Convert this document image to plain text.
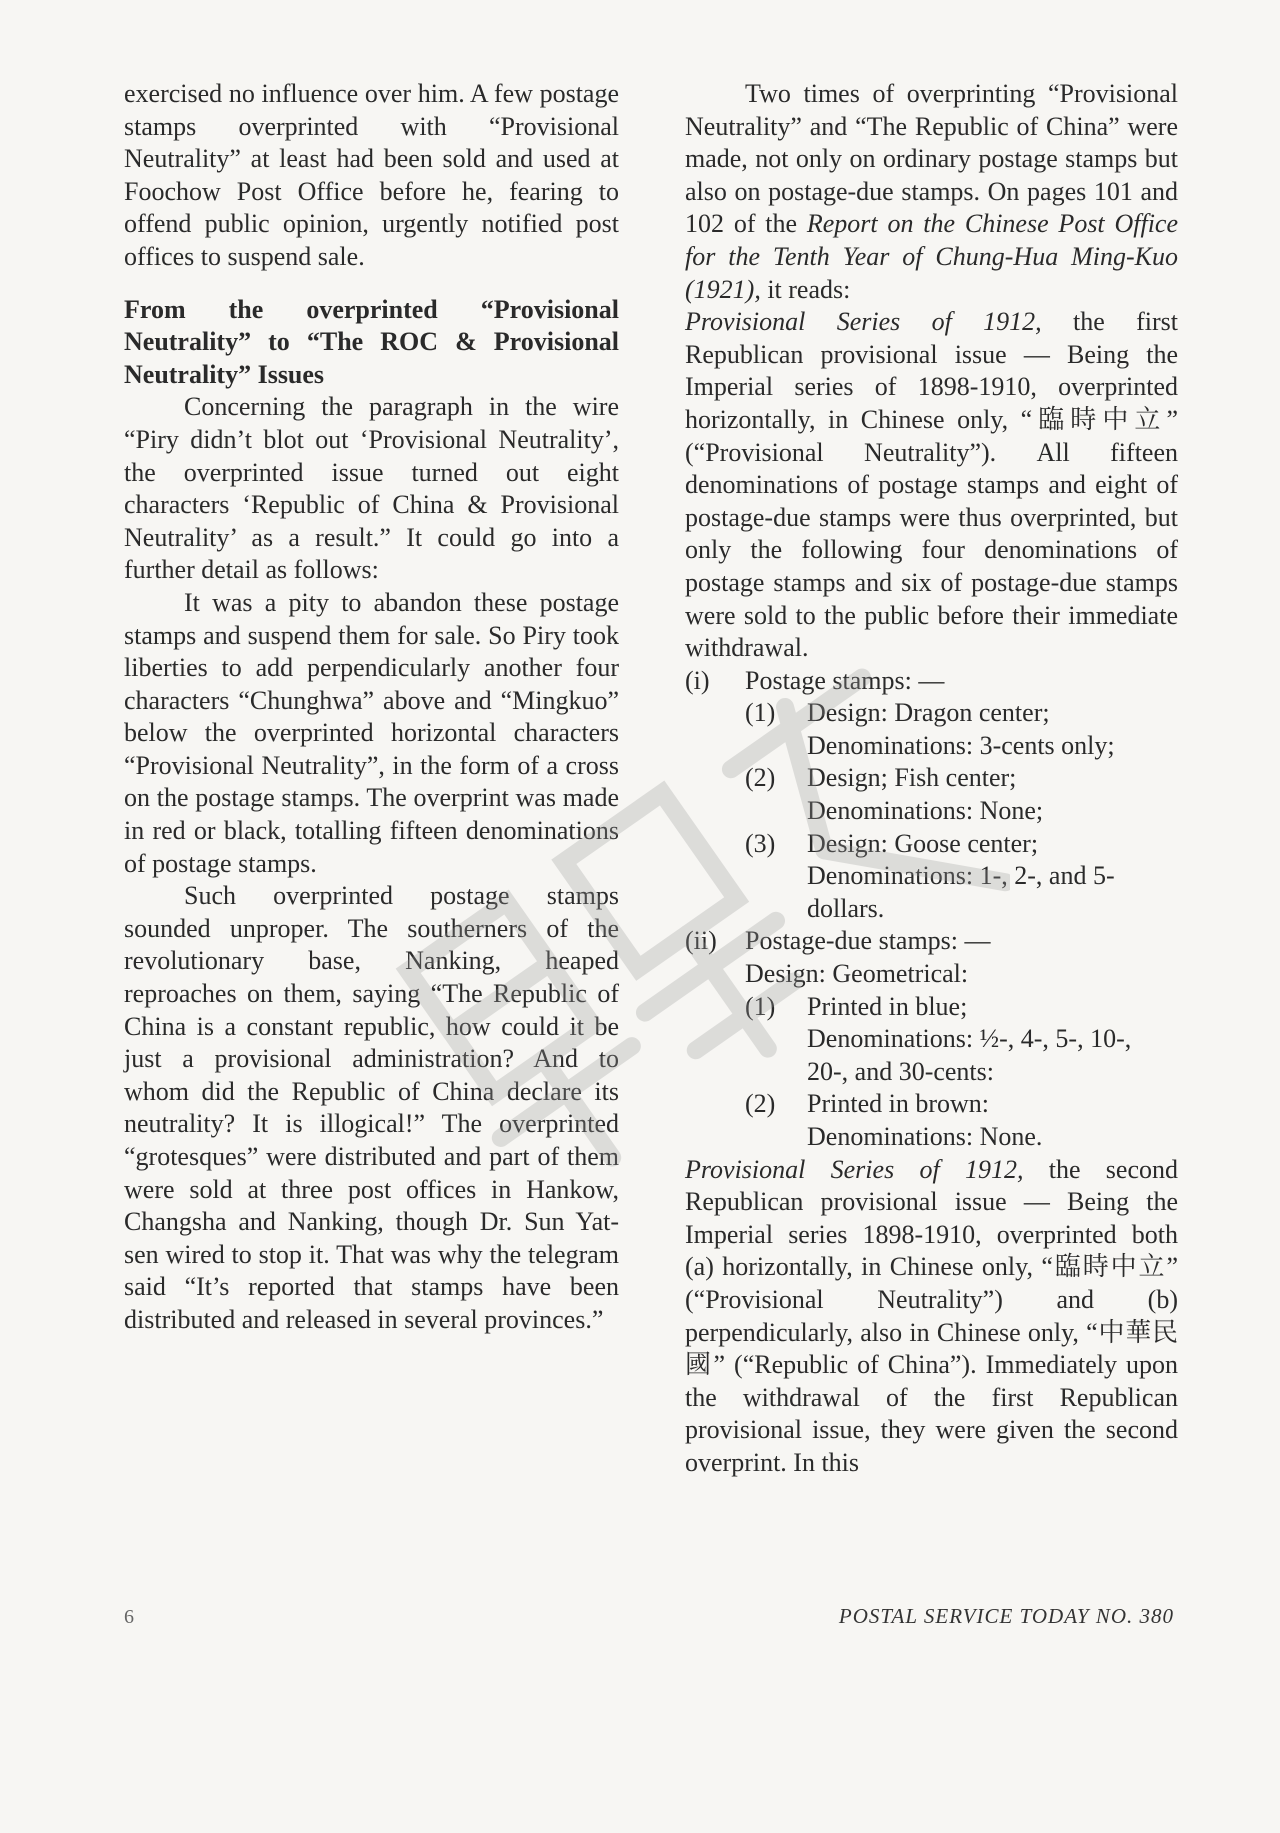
exercised no influence over him. A few postage stamps overprinted with “Provisional Neutrality” at least had been sold and used at Foochow Post Office before he, fearing to offend public opinion, urgently notified post offices to suspend sale.

From the overprinted “Provisional Neutrality” to “The ROC & Provisional Neutrality” Issues

Concerning the paragraph in the wire “Piry didn’t blot out ‘Provisional Neutrality’, the overprinted issue turned out eight characters ‘Republic of China & Provisional Neutrality’ as a result.” It could go into a further detail as follows:

It was a pity to abandon these postage stamps and suspend them for sale. So Piry took liberties to add perpendicularly another four characters “Chunghwa” above and “Mingkuo” below the overprinted horizontal characters “Provisional Neutrality”, in the form of a cross on the postage stamps. The overprint was made in red or black, totalling fifteen denominations of postage stamps.

Such overprinted postage stamps sounded unproper. The southerners of the revolutionary base, Nanking, heaped reproaches on them, saying “The Republic of China is a constant republic, how could it be just a provisional administration? And to whom did the Republic of China declare its neutrality? It is illogical!” The overprinted “grotesques” were distributed and part of them were sold at three post offices in Hankow, Changsha and Nanking, though Dr. Sun Yat-sen wired to stop it. That was why the telegram said “It’s reported that stamps have been distributed and released in several provinces.”

Two times of overprinting “Provisional Neutrality” and “The Republic of China” were made, not only on ordinary postage stamps but also on postage-due stamps. On pages 101 and 102 of the Report on the Chinese Post Office for the Tenth Year of Chung-Hua Ming-Kuo (1921), it reads:

Provisional Series of 1912, the first Republican provisional issue — Being the Imperial series of 1898-1910, overprinted horizontally, in Chinese only, “臨時中立” (“Provisional Neutrality”). All fifteen denominations of postage stamps and eight of postage-due stamps were thus overprinted, but only the following four denominations of postage stamps and six of postage-due stamps were sold to the public before their immediate withdrawal.

(i)	Postage stamps: —
(1)	Design: Dragon center;
Denominations: 3-cents only;
(2)	Design; Fish center;
Denominations: None;
(3)	Design: Goose center;
Denominations: 1-, 2-, and 5-dollars.
(ii)	Postage-due stamps: —
Design: Geometrical:
(1)	Printed in blue;
Denominations: ½-, 4-, 5-, 10-, 20-, and 30-cents:
(2)	Printed in brown:
Denominations: None.

Provisional Series of 1912, the second Republican provisional issue — Being the Imperial series 1898-1910, overprinted both (a) horizontally, in Chinese only, “臨時中立” (“Provisional Neutrality”) and (b) perpendicularly, also in Chinese only, “中華民國” (“Republic of China”). Immediately upon the withdrawal of the first Republican provisional issue, they were given the second overprint. In this

6	POSTAL SERVICE TODAY NO. 380
